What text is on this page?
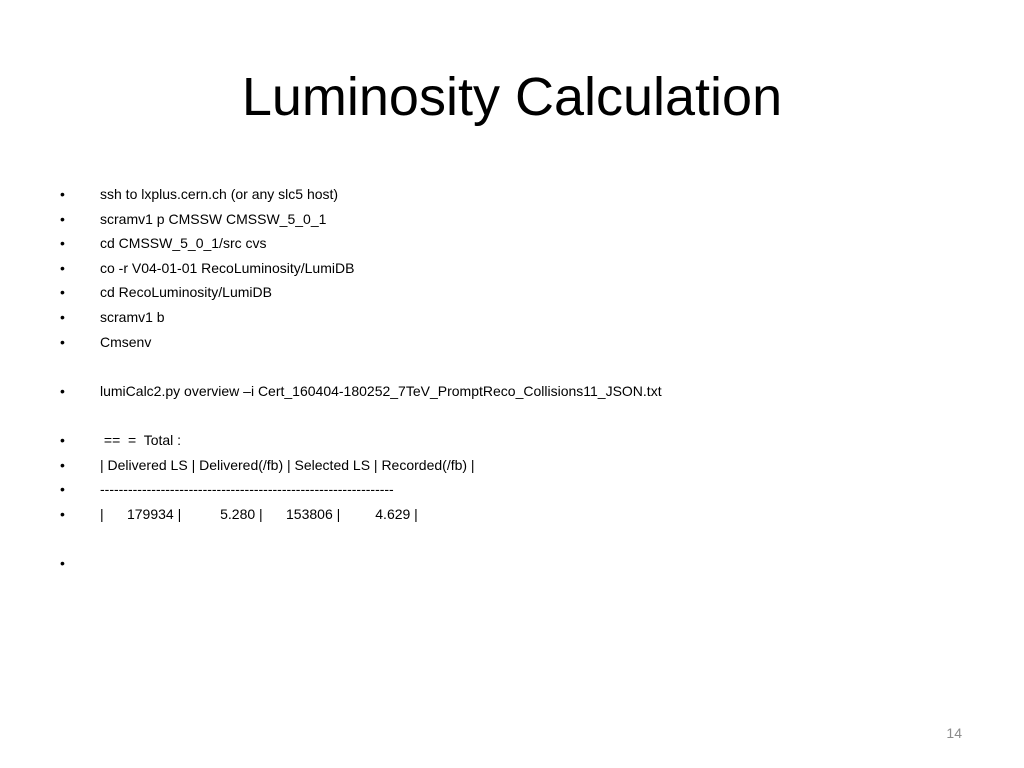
Luminosity Calculation

•

	ssh to lxplus.cern.ch (or any slc5 host)

•

	scramv1 p CMSSW CMSSW_5_0_1

•

	cd CMSSW_5_0_1/src cvs

•

	co -r V04-01-01 RecoLuminosity/LumiDB

•

	cd RecoLuminosity/LumiDB

•

	scramv1 b

•

	Cmsenv

•

	lumiCalc2.py overview –i Cert_160404-180252_7TeV_PromptReco_Collisions11_JSON.txt

•

	==  =  Total :

•

	| Delivered LS | Delivered(/fb) | Selected LS | Recorded(/fb) |

•

	---------------------------------------------------------------

•

	|      179934 |          5.280 |      153806 |         4.629 |

•

14
